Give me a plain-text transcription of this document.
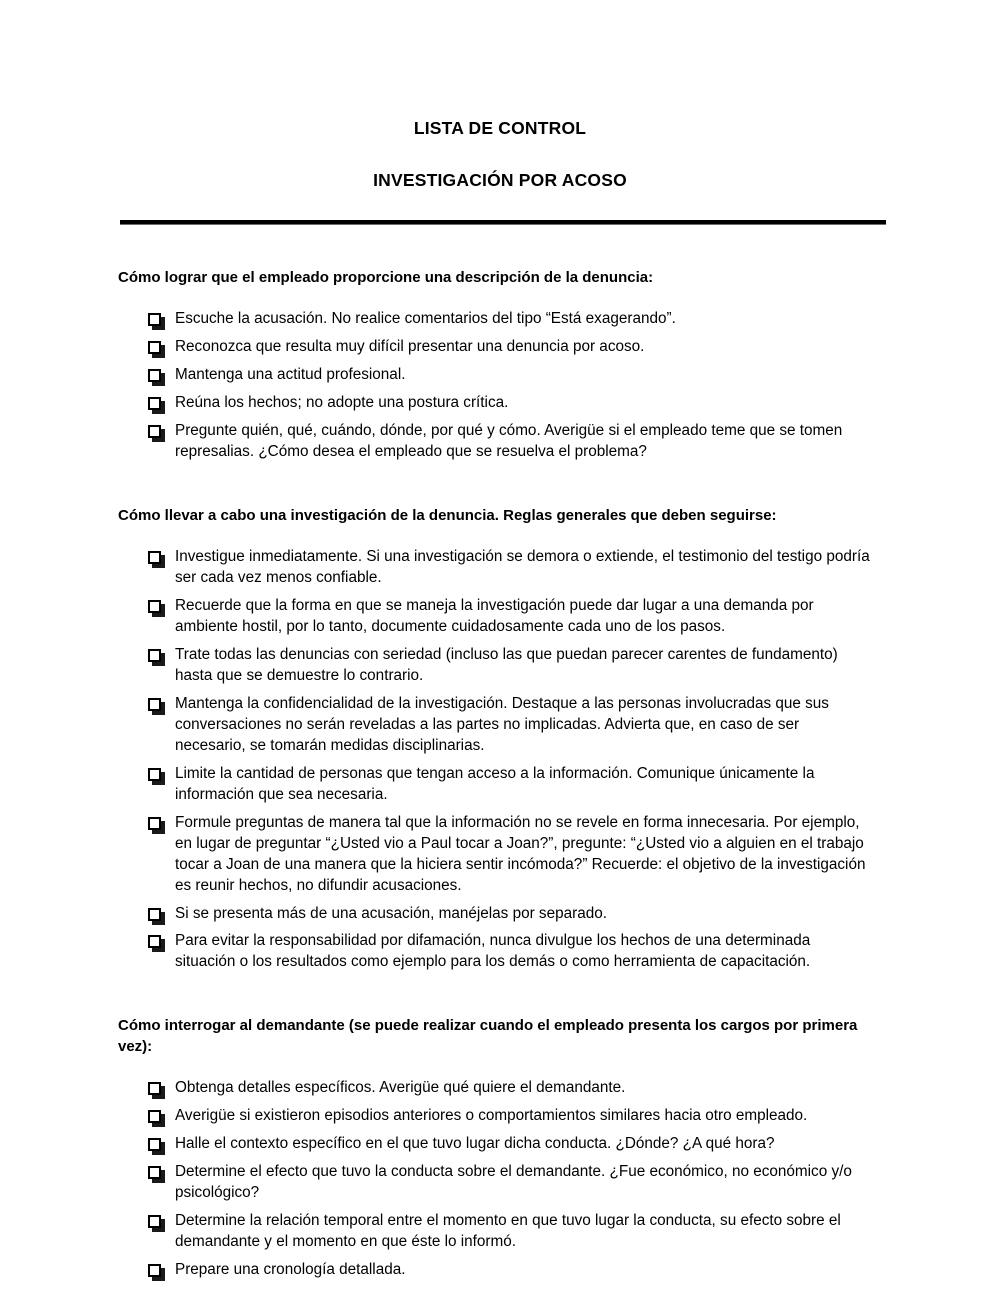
LISTA DE CONTROL
INVESTIGACIÓN POR ACOSO
Cómo lograr que el empleado proporcione una descripción de la denuncia:
Escuche la acusación. No realice comentarios del tipo “Está exagerando”.
Reconozca que resulta muy difícil presentar una denuncia por acoso.
Mantenga una actitud profesional.
Reúna los hechos; no adopte una postura crítica.
Pregunte quién, qué, cuándo, dónde, por qué y cómo. Averigüe si el empleado teme que se tomen represalias. ¿Cómo desea el empleado que se resuelva el problema?
Cómo llevar a cabo una investigación de la denuncia. Reglas generales que deben seguirse:
Investigue inmediatamente. Si una investigación se demora o extiende, el testimonio del testigo podría ser cada vez menos confiable.
Recuerde que la forma en que se maneja la investigación puede dar lugar a una demanda por ambiente hostil, por lo tanto, documente cuidadosamente cada uno de los pasos.
Trate todas las denuncias con seriedad (incluso las que puedan parecer carentes de fundamento) hasta que se demuestre lo contrario.
Mantenga la confidencialidad de la investigación. Destaque a las personas involucradas que sus conversaciones no serán reveladas a las partes no implicadas. Advierta que, en caso de ser necesario, se tomarán medidas disciplinarias.
Limite la cantidad de personas que tengan acceso a la información. Comunique únicamente la información que sea necesaria.
Formule preguntas de manera tal que la información no se revele en forma innecesaria. Por ejemplo, en lugar de preguntar “¿Usted vio a Paul tocar a Joan?”, pregunte: “¿Usted vio a alguien en el trabajo tocar a Joan de una manera que la hiciera sentir incómoda?” Recuerde: el objetivo de la investigación es reunir hechos, no difundir acusaciones.
Si se presenta más de una acusación, manéjelas por separado.
Para evitar la responsabilidad por difamación, nunca divulgue los hechos de una determinada situación o los resultados como ejemplo para los demás o como herramienta de capacitación.
Cómo interrogar al demandante (se puede realizar cuando el empleado presenta los cargos por primera vez):
Obtenga detalles específicos. Averigüe qué quiere el demandante.
Averigüe si existieron episodios anteriores o comportamientos similares hacia otro empleado.
Halle el contexto específico en el que tuvo lugar dicha conducta. ¿Dónde? ¿A qué hora?
Determine el efecto que tuvo la conducta sobre el demandante. ¿Fue económico, no económico y/o psicológico?
Determine la relación temporal entre el momento en que tuvo lugar la conducta, su efecto sobre el demandante y el momento en que éste lo informó.
Prepare una cronología detallada.
